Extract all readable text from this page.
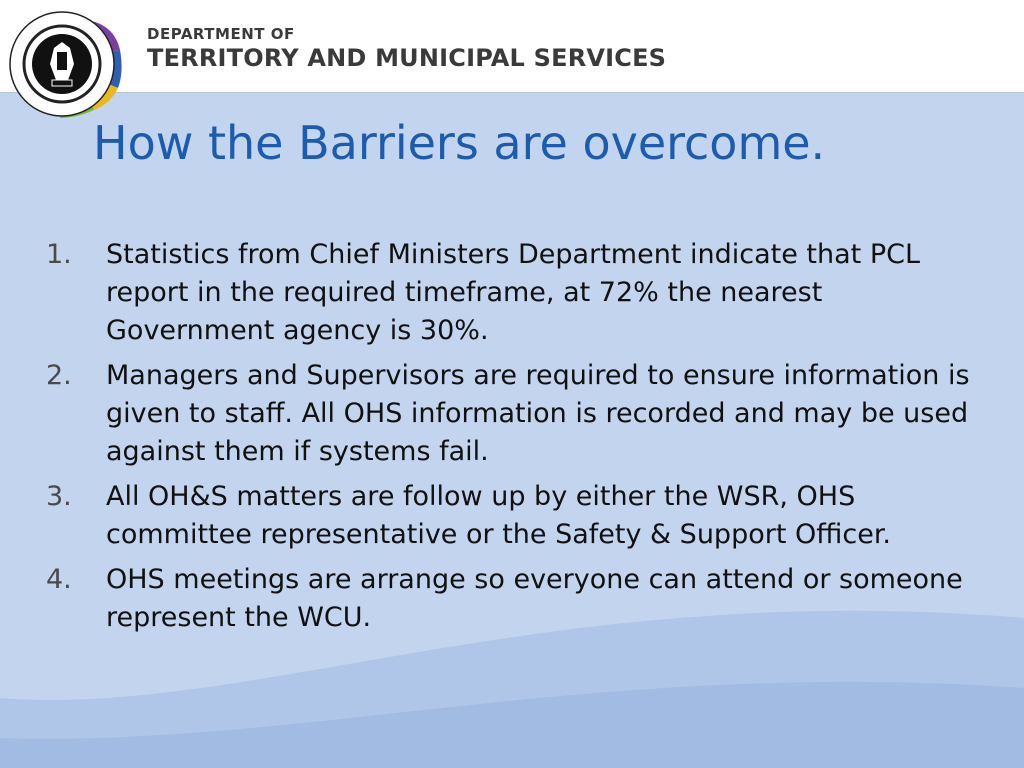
DEPARTMENT OF
TERRITORY AND MUNICIPAL SERVICES
How the Barriers are overcome.
1. Statistics from Chief Ministers Department indicate that PCL report in the required timeframe, at 72% the nearest Government agency is 30%.
2. Managers and Supervisors are required to ensure information is given to staff. All OHS information is recorded and may be used against them if systems fail.
3. All OH&S matters are follow up by either the WSR, OHS committee representative or the Safety & Support Officer.
4. OHS meetings are arrange so everyone can attend or someone represent the WCU.
